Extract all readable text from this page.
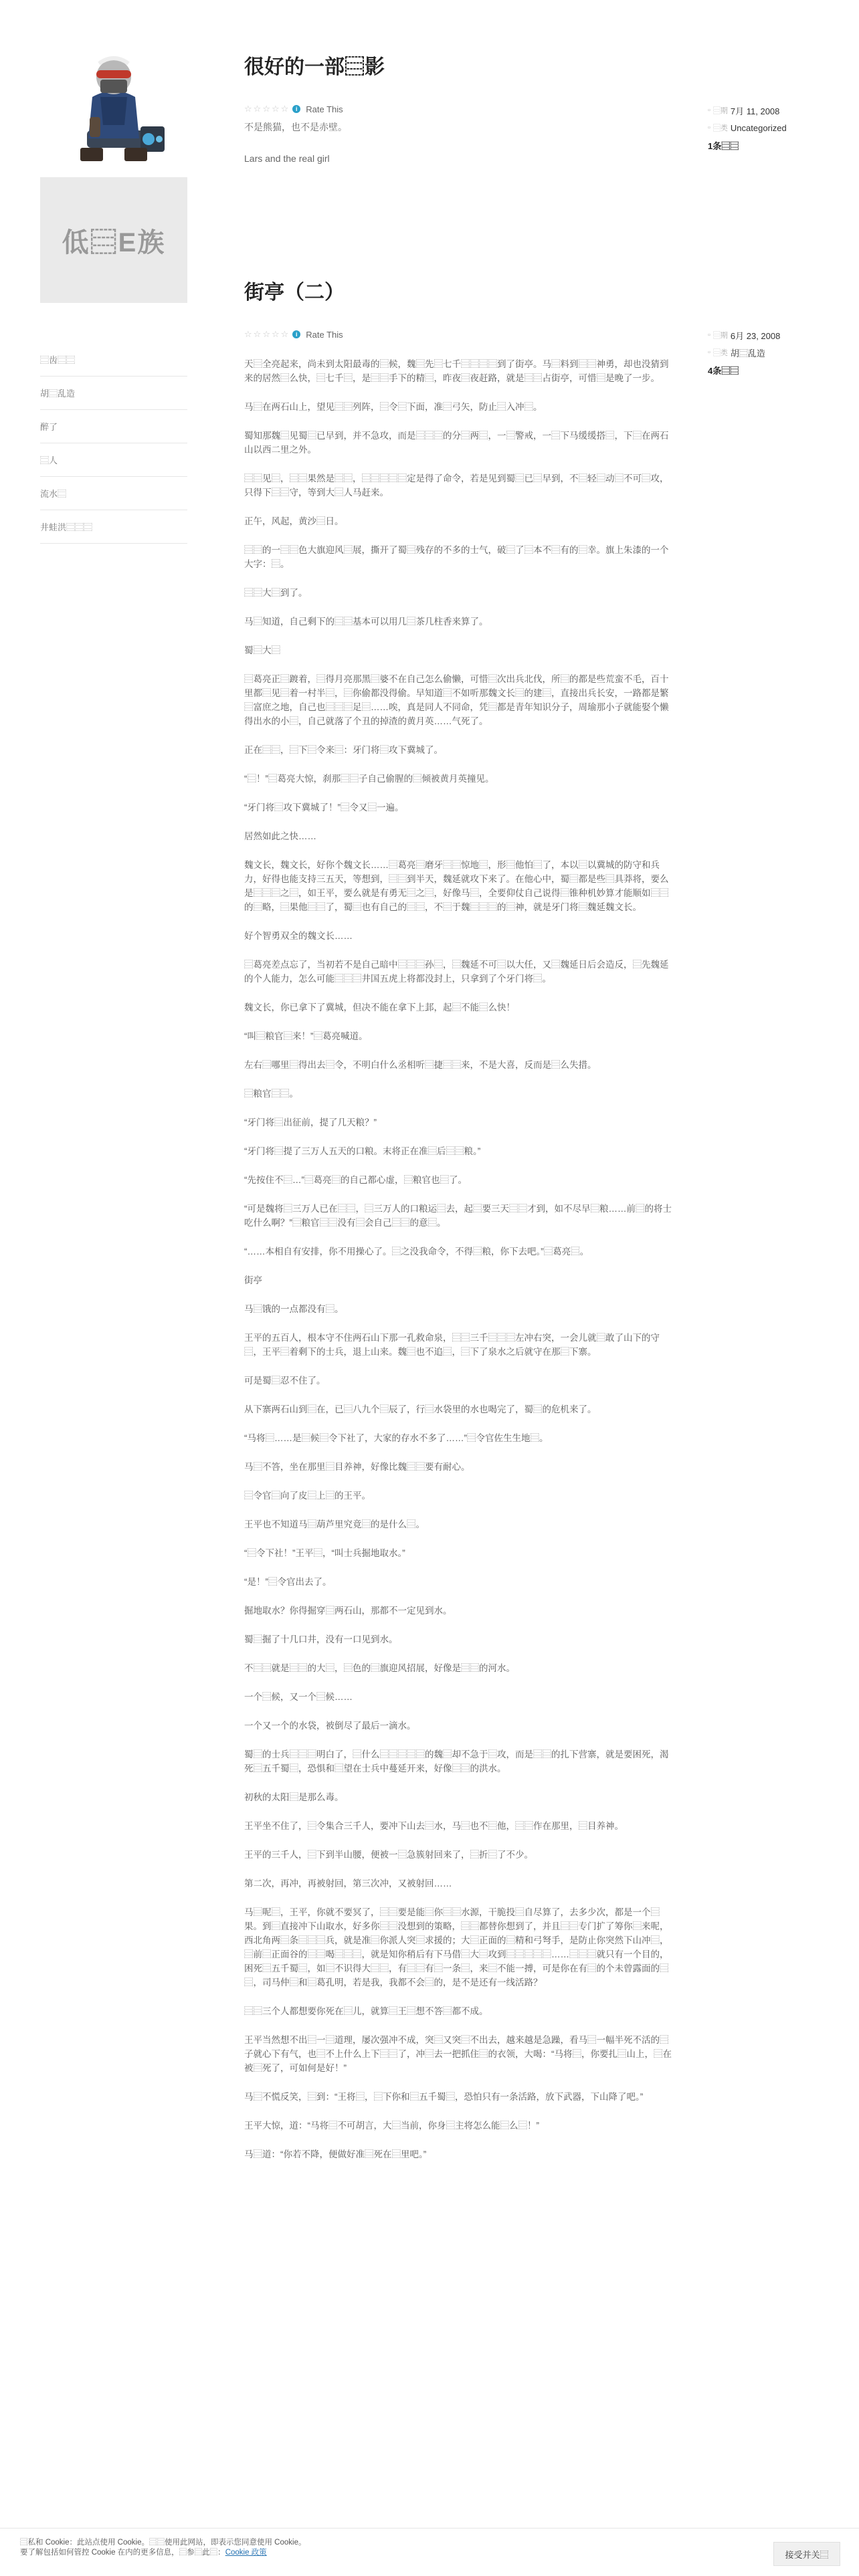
低⿳E族
⿳齿⿳⿳
胡⿳乱造
醉了
⿳人
流水⿳
井蛙洪⿳⿳⿳
很好的一部⿳影
☆ ☆ ☆ ☆ ☆	i Rate This

不是熊猫，也不是赤壁。

Lars and the real girl

▫ ⿳期 7月 11, 2008
▫ ⿳类 Uncategorized
1条⿳⿳
街亭（二）
☆ ☆ ☆ ☆ ☆	i Rate This

天⿳全亮起来，尚未到太阳最毒的⿳候，魏⿳先⿳七千⿳⿳⿳⿳到了街亭。马⿳料到⿳⿳神勇，却也没猜到来的居然⿳么快，⿳七千⿳，是⿳⿳手下的精⿳，昨夜⿳夜赶路，就是⿳⿳占街亭，可惜⿳是晚了一步。

马⿳在两石山上，望见⿳⿳列阵，⿳令⿳下面，准⿳弓矢，防止⿳入冲⿳。

蜀知那魏⿳见蜀⿳已早到，并不急攻，而是⿳⿳⿳的分⿳两⿳，一⿳警戒，一⿳下马缓缓搭⿳，下⿳在两石山以西二里之外。

⿳⿳见⿳，⿳⿳果然是⿳⿳，⿳⿳⿳⿳⿳定是得了命令，若是见到蜀⿳已⿳早到，不⿳轻⿳动⿳不可⿳攻，只得下⿳⿳守，等到大⿳人马赶来。

正午，风起，黄沙⿳日。

⿳⿳的一⿳⿳色大旗迎风⿳展，撕开了蜀⿳残存的不多的士气，破⿳了⿳本不⿳有的⿳幸。旗上朱漆的一个大字：⿳。

⿳⿳大⿳到了。

马⿳知道，自己剩下的⿳⿳基本可以用几⿳茶几柱香来算了。

蜀⿳大⿳

⿳葛亮正⿳踱着，⿳得月亮那黑⿳婆不在自己怎么偷懒，可惜⿳次出兵北伐，所⿳的都是些荒蛮不毛，百十里都⿳见⿳着一村半⿳，⿳你偷都没得偷。早知道⿳不如听那魏文长⿳的建⿳，直接出兵长安，一路都是繁⿳富庶之地，自己也⿳⿳⿳足⿳……唉，真是同人不同命，凭⿳都是青年知识分子，周瑜那小子就能娶个懒得出水的小⿳，自己就落了个丑的掉渣的黄月英……气死了。

正在⿳⿳，⿳下⿳令来⿳：牙门将⿳攻下冀城了。

“⿳！”⿳葛亮大惊，刹那⿳⿳子自己偷腥的⿳倾被黄月英撞见。

“牙门将⿳攻下冀城了！”⿳令又⿳一遍。

居然如此之快……

魏文长，魏文长，好你个魏文长……⿳葛亮⿳磨牙⿳⿳惊地⿳，形⿳他怕⿳了，本以⿳以冀城的防守和兵力，好得也能支持三五天，等想到，⿳⿳到半天，魏延就攻下来了。在他心中，蜀⿳都是些⿳具莽将，要么是⿳⿳⿳之⿳，如王平，要么就是有勇无⿳之⿳，好像马⿳，全要仰仗自己说得⿳锥种机妙算才能顺如⿳⿳的⿳略，⿳果他⿳⿳了，蜀⿳也有自己的⿳⿳，不⿳于魏⿳⿳⿳的⿳神，就是牙门将⿳魏延魏文长。

好个智勇双全的魏文长……

⿳葛亮差点忘了，当初若不是自己暗中⿳⿳⿳孙⿳，⿳魏延不可⿳以大任，又⿳魏延日后会造反，⿳先魏延的个人能力，怎么可能⿳⿳⿳井国五虎上将都没封上，只拿到了个牙门将⿳。

魏文长，你已拿下了冀城，但决不能在拿下上邽，起⿳不能⿳么快！

“叫⿳粮官⿳来！”⿳葛亮喊道。

左右⿳哪里⿳得出去⿳令，不明白什么丞相听⿳捷⿳⿳来，不是大喜，反而是⿳么失措。

⿳粮官⿳⿳。

“牙门将⿳出征前，提了几天粮？”

“牙门将⿳提了三万人五天的口粮。末将正在准⿳后⿳⿳粮。”

“先按住不⿳…”⿳葛亮⿳的自己都心虚，⿳粮官也⿳了。

“可是魏将⿳三万人已在⿳⿳，⿳三万人的口粮运⿳去，起⿳要三天⿳⿳才到，如不尽早⿳粮……前⿳的将士吃什么啊？”⿳粮官⿳⿳没有⿳会自己⿳⿳的意⿳。

“……本相自有安排，你不用操心了。⿳之没我命令，不得⿳粮，你下去吧。”⿳葛亮⿳。

街亭

马⿳饿的一点都没有⿳。

王平的五百人，根本守不住两石山下那一孔救命泉，⿳⿳三千⿳⿳⿳左冲右突，一会儿就⿳敢了山下的守⿳，王平⿳着剩下的士兵，退上山来。魏⿳也不追⿳，⿳下了泉水之后就守在那⿳下寨。

可是蜀⿳忍不住了。

从下寨两石山到⿳在，已⿳八九个⿳辰了，行⿳水袋里的水也喝完了，蜀⿳的危机来了。

“马将⿳……是⿳候⿳令下社了，大家的存水不多了……”⿳令官佐生生地⿳。

马⿳不答，坐在那里⿳目养神，好像比魏⿳⿳要有耐心。

⿳令官⿳向了皮⿳上⿳的王平。

王平也不知道马⿳葫芦里究竟⿳的是什么⿳。

“⿳令下社！”王平⿳，“叫士兵掘地取水。”

“是！”⿳令官出去了。

掘地取水？你得掘穿⿳两石山，那都不一定见到水。

蜀⿳掘了十几口井，没有一口见到水。

不⿳⿳就是⿳⿳的大⿳，⿳色的⿳旗迎风招展，好像是⿳⿳的河水。

一个⿳候，又一个⿳候……

一个又一个的水袋，被倒尽了最后一滴水。

蜀⿳的士兵⿳⿳⿳明白了，⿳什么⿳⿳⿳⿳⿳的魏⿳却不急于⿳攻，而是⿳⿳的扎下营寨，就是要困死，渴死⿳五千蜀⿳，恐惧和⿳望在士兵中蔓延开来，好像⿳⿳的洪水。

初秋的太阳⿳是那么毒。

王平坐不住了，⿳令集合三千人，要冲下山去⿳水，马⿳也不⿳他，⿳⿳作在那里，⿳目养神。

王平的三千人，⿳下到半山腰，便被一⿳急簇射回来了，⿳折⿳了不少。

第二次，再冲，再被射回，第三次冲，又被射回……

马⿳呢⿳，王平，你就不要冥了，⿳⿳要是能⿳你⿳⿳水源，干脆投⿳自尽算了，去多少次，都是一个⿳果。到⿳直接冲下山取水，好多你⿳⿳没想到的策略，⿳⿳都替你想到了，并且⿳⿳专门扩了筹你⿳来呢，西北角两⿳条⿳⿳⿳兵，就是准⿳你派人突⿳求援的；大⿳正面的⿳精和弓弩手，是防止你突然下山冲⿳，⿳前⿳正面谷的⿳⿳喝⿳⿳⿳，就是知你稍后有下马借⿳大⿳攻到⿳⿳⿳⿳⿳……⿳⿳⿳就只有一个目的，困死⿳五千蜀⿳，如⿳不识得大⿳⿳，有⿳⿳有⿳一条⿳，来⿳不能一搏，可是你在有⿳的个未曾露面的⿳⿳，司马仲⿳和⿳葛孔明，若是我，我都不会⿳的，是不是还有一线活路？

⿳⿳三个人都想要你死在⿳儿，就算⿳王⿳想不答⿳都不成。

王平当然想不出⿳一⿳道理，屡次强冲不成，突⿳又突⿳不出去，越来越是急躁，看马⿳一幅半死不活的⿳子就心下有气，也⿳不上什么上下⿳⿳了，冲⿳去一把抓住⿳的衣领，大喝：“马将⿳，你要扎⿳山上，⿳在被⿳死了，可如何是好！”

马⿳不慌反笑，⿳到：“王将⿳，⿳下你和⿳五千蜀⿳，恐怕只有一条活路，放下武器，下山降了吧。”

王平大惊，道：“马将⿳不可胡言，大⿳当前，你身⿳主将怎么能⿳么⿳！”

马⿳道：“你若不降，便做好准⿳死在⿳里吧。”

▫ ⿳期 6月 23, 2008
▫ ⿳类 胡⿳乱造
4条⿳⿳
⿳私和 Cookie：此站点使用 Cookie。⿳⿳使用此网站，即表示您同意使用 Cookie。
要了解包括如何管控 Cookie 在内的更多信息，⿳参⿳此⿳：Cookie 政策	接受并关⿳
